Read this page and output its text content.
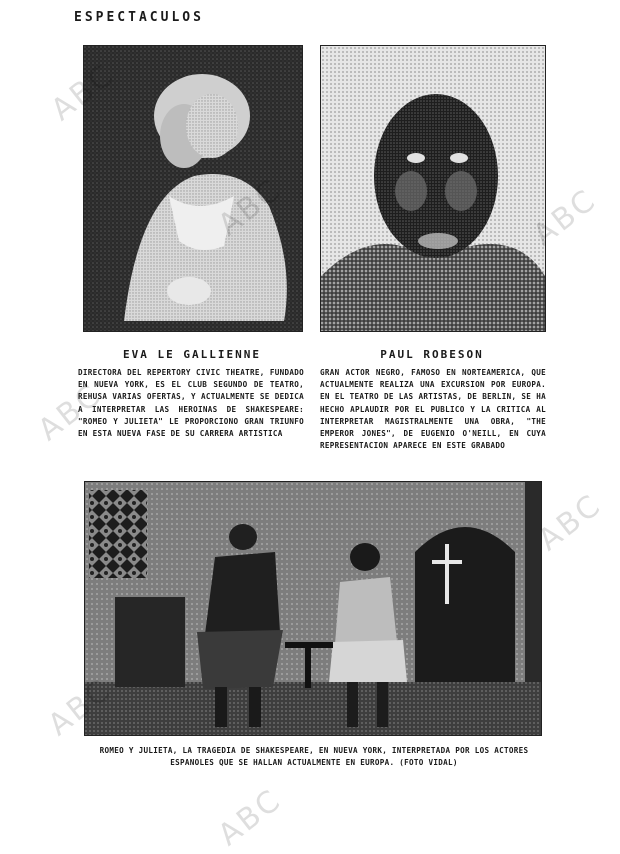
ESPECTACULOS
EVA LE GALLIENNE	PAUL ROBESON
DIRECTORA DEL REPERTORY CIVIC THEATRE, FUNDADO EN NUEVA YORK, ES EL CLUB SEGUNDO DE TEATRO, REHUSA VARIAS OFERTAS, Y ACTUALMENTE SE DEDICA A INTERPRETAR LAS HEROINAS DE SHAKESPEARE: "ROMEO Y JULIETA" LE PROPORCIONO GRAN TRIUNFO EN ESTA NUEVA FASE DE SU CARRERA ARTISTICA
GRAN ACTOR NEGRO, FAMOSO EN NORTEAMERICA, QUE ACTUALMENTE REALIZA UNA EXCURSION POR EUROPA. EN EL TEATRO DE LAS ARTISTAS, DE BERLIN, SE HA HECHO APLAUDIR POR EL PUBLICO Y LA CRITICA AL INTERPRETAR MAGISTRALMENTE UNA OBRA, "THE EMPEROR JONES", DE EUGENIO O'NEILL, EN CUYA REPRESENTACION APARECE EN ESTE GRABADO
ROMEO Y JULIETA, LA TRAGEDIA DE SHAKESPEARE, EN NUEVA YORK, INTERPRETADA POR LOS ACTORES ESPANOLES QUE SE HALLAN ACTUALMENTE EN EUROPA. (FOTO VIDAL)
ABC
ABC
ABC
ABC
ABC
